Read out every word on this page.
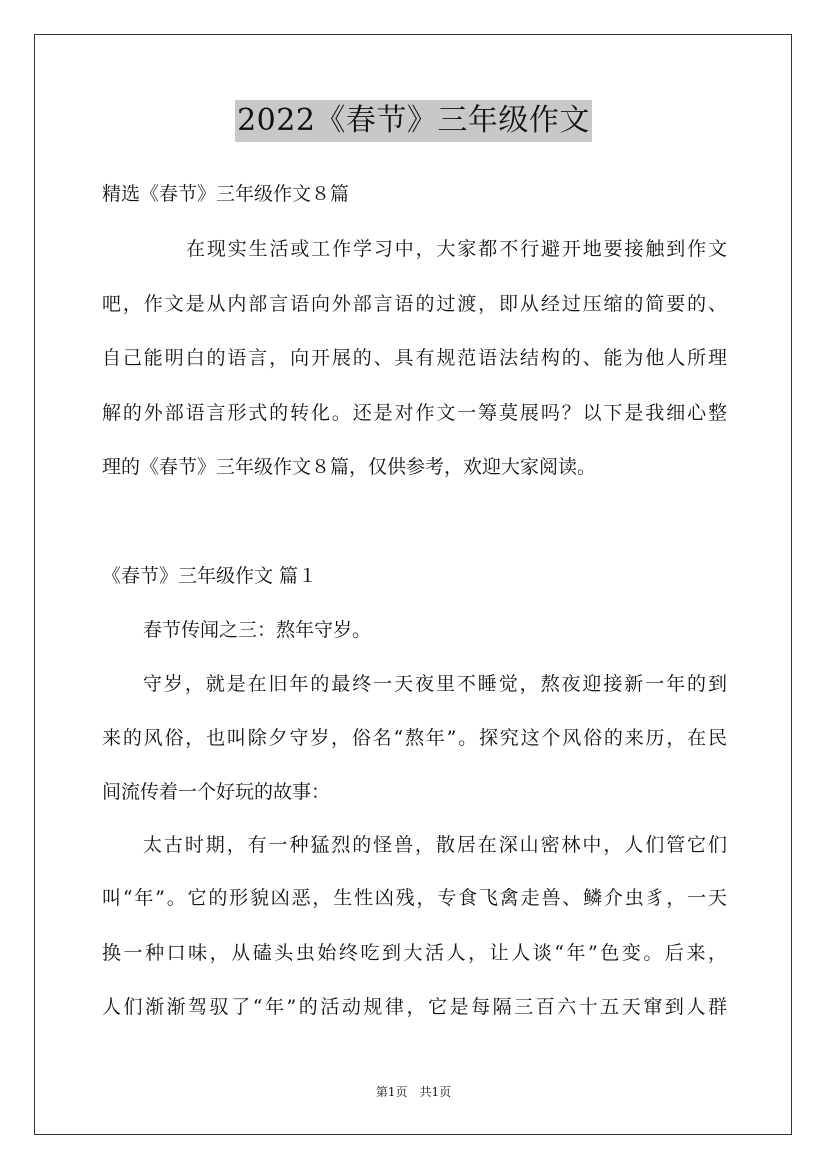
2022《春节》三年级作文
精选《春节》三年级作文８篇
在现实生活或工作学习中，大家都不行避开地要接触到作文
吧，作文是从内部言语向外部言语的过渡，即从经过压缩的简要的、
自己能明白的语言，向开展的、具有规范语法结构的、能为他人所理
解的外部语言形式的转化。还是对作文一筹莫展吗？以下是我细心整
理的《春节》三年级作文８篇，仅供参考，欢迎大家阅读。
《春节》三年级作文 篇１
春节传闻之三：熬年守岁。
守岁，就是在旧年的最终一天夜里不睡觉，熬夜迎接新一年的到
来的风俗，也叫除夕守岁，俗名“熬年”。探究这个风俗的来历，在民
间流传着一个好玩的故事：
太古时期，有一种猛烈的怪兽，散居在深山密林中，人们管它们
叫“年”。它的形貌凶恶，生性凶残，专食飞禽走兽、鳞介虫豸，一天
换一种口味，从磕头虫始终吃到大活人，让人谈“年”色变。后来，
人们渐渐驾驭了“年”的活动规律，它是每隔三百六十五天窜到人群
第1页　共1页
